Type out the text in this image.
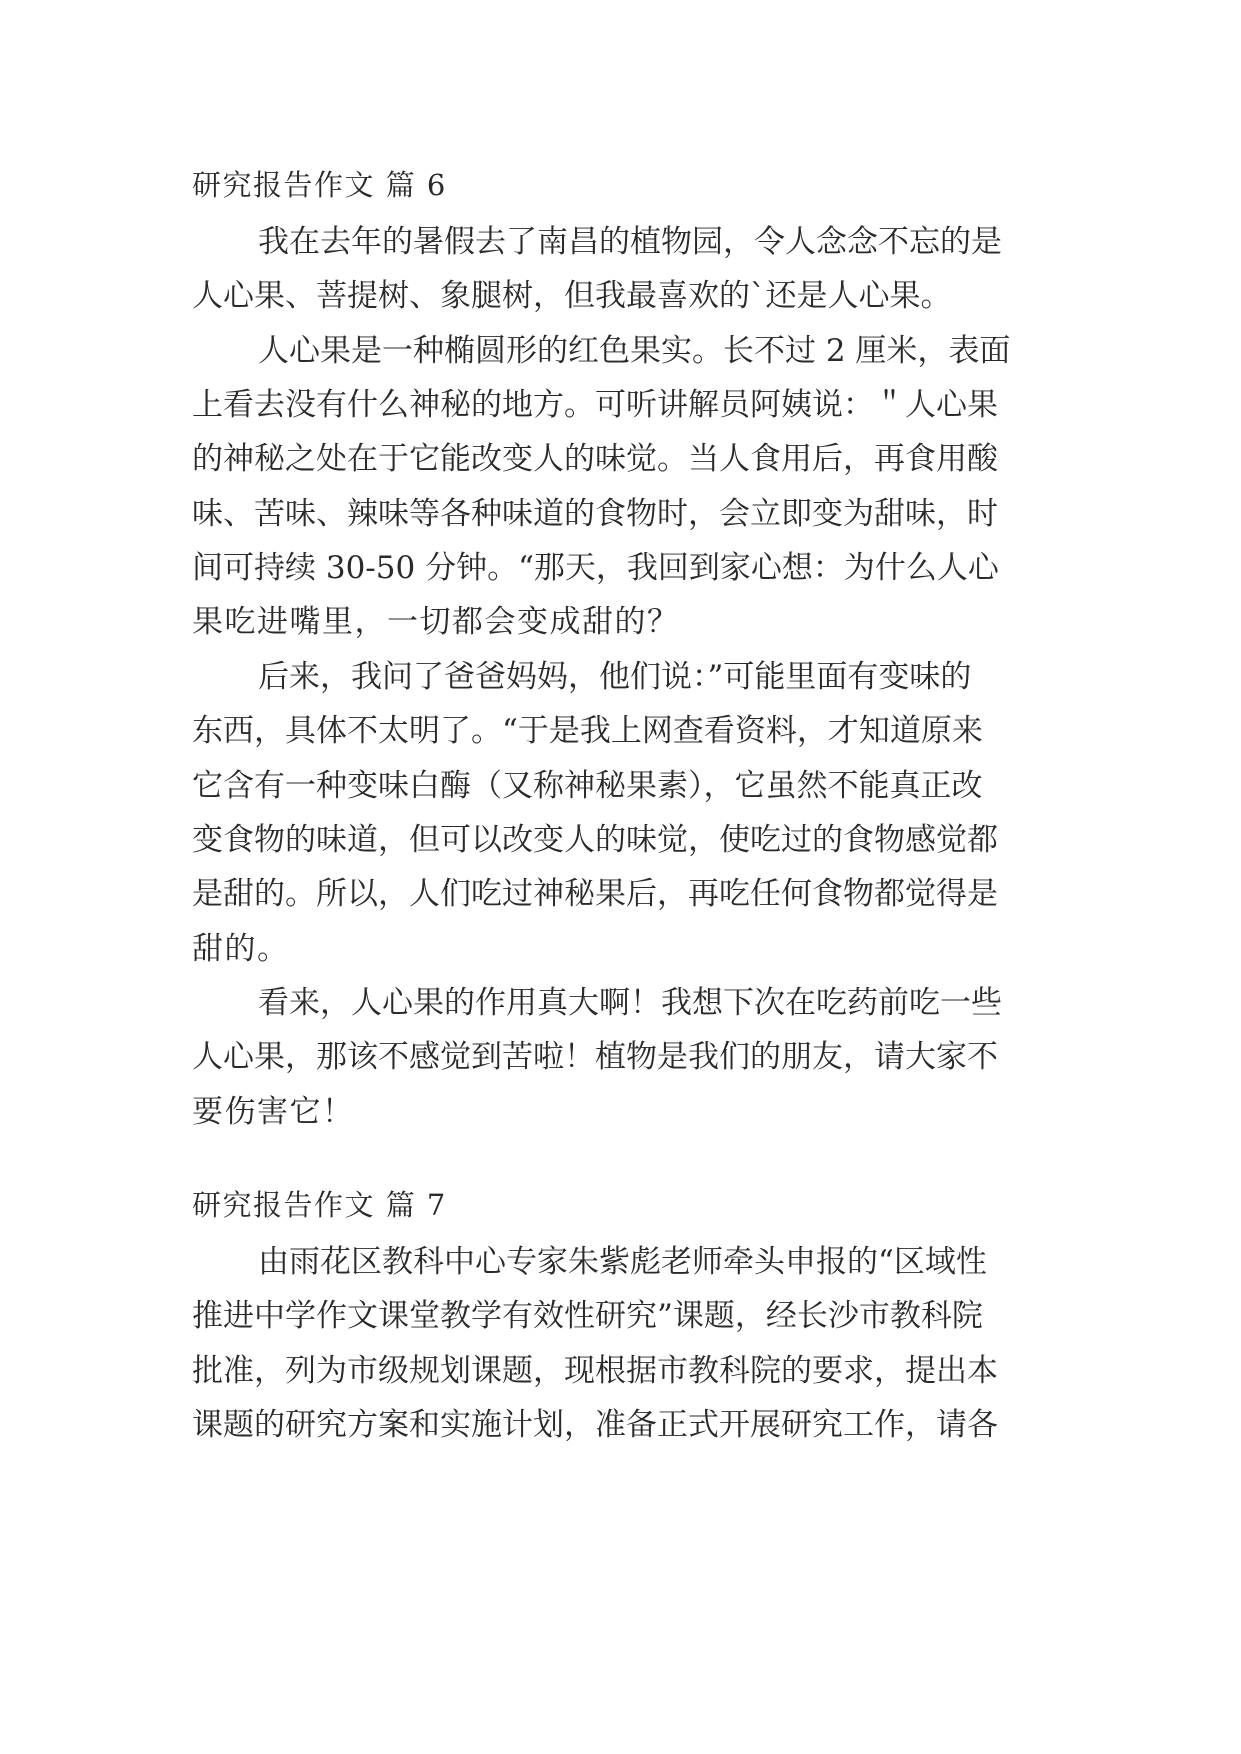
研究报告作文 篇 6
我在去年的暑假去了南昌的植物园，令人念念不忘的是
人心果、菩提树、象腿树，但我最喜欢的`还是人心果。
人心果是一种椭圆形的红色果实。长不过 2 厘米，表面
上看去没有什么神秘的地方。可听讲解员阿姨说：＂人心果
的神秘之处在于它能改变人的味觉。当人食用后，再食用酸
味、苦味、辣味等各种味道的食物时，会立即变为甜味，时
间可持续 30-50 分钟。“那天，我回到家心想：为什么人心
果吃进嘴里，一切都会变成甜的？
后来，我问了爸爸妈妈，他们说：”可能里面有变味的
东西，具体不太明了。“于是我上网查看资料，才知道原来
它含有一种变味白酶（又称神秘果素），它虽然不能真正改
变食物的味道，但可以改变人的味觉，使吃过的食物感觉都
是甜的。所以，人们吃过神秘果后，再吃任何食物都觉得是
甜的。
看来，人心果的作用真大啊！我想下次在吃药前吃一些
人心果，那该不感觉到苦啦！植物是我们的朋友，请大家不
要伤害它！
研究报告作文 篇 7
由雨花区教科中心专家朱紫彪老师牵头申报的“区域性
推进中学作文课堂教学有效性研究”课题，经长沙市教科院
批准，列为市级规划课题，现根据市教科院的要求，提出本
课题的研究方案和实施计划，准备正式开展研究工作，请各
